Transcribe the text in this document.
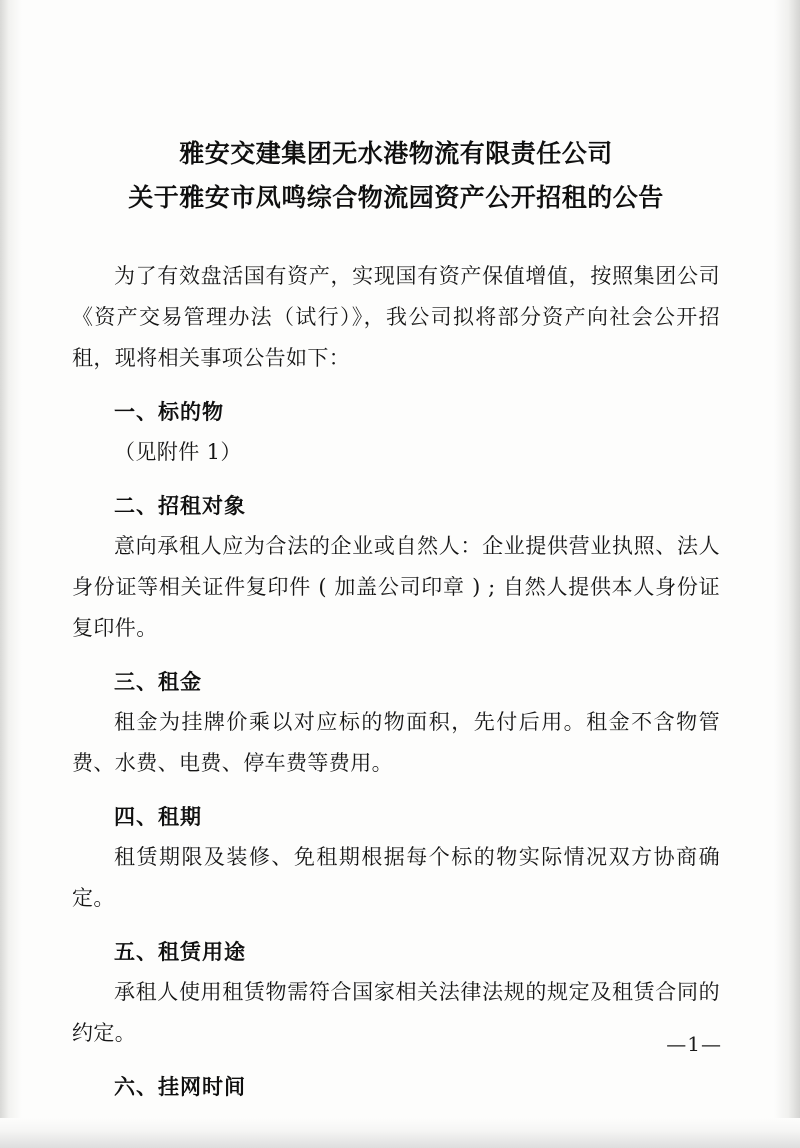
雅安交建集团无水港物流有限责任公司
关于雅安市凤鸣综合物流园资产公开招租的公告

为了有效盘活国有资产，实现国有资产保值增值，按照集团公司《资产交易管理办法（试行）》，我公司拟将部分资产向社会公开招租，现将相关事项公告如下：

一、标的物

（见附件 1）

二、招租对象

意向承租人应为合法的企业或自然人：企业提供营业执照、法人身份证等相关证件复印件 ( 加盖公司印章 ) ; 自然人提供本人身份证复印件。

三、租金

租金为挂牌价乘以对应标的物面积，先付后用。租金不含物管费、水费、电费、停车费等费用。

四、租期

租赁期限及装修、免租期根据每个标的物实际情况双方协商确定。

五、租赁用途

承租人使用租赁物需符合国家相关法律法规的规定及租赁合同的约定。

六、挂网时间
—1—
